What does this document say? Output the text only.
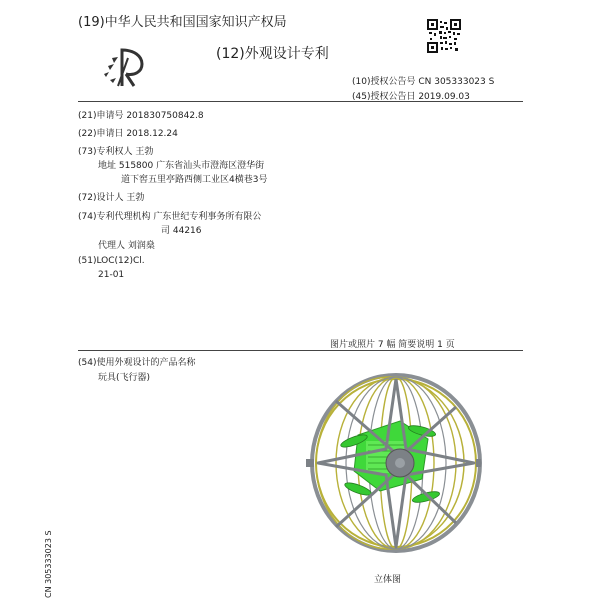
(19)中华人民共和国国家知识产权局
(12)外观设计专利
(10)授权公告号 CN 305333023 S
(45)授权公告日 2019.09.03
(21)申请号 201830750842.8
(22)申请日 2018.12.24
(73)专利权人 王勃
地址 515800 广东省汕头市澄海区澄华街
道下窖五里亭路西侧工业区4横巷3号
(72)设计人 王勃
(74)专利代理机构 广东世纪专利事务所有限公
司 44216
代理人 刘润燊
(51)LOC(12)Cl.
21-01
图片或照片 7 幅 简要说明 1 页
(54)使用外观设计的产品名称
玩具(飞行器)
立体图
CN 305333023 S
